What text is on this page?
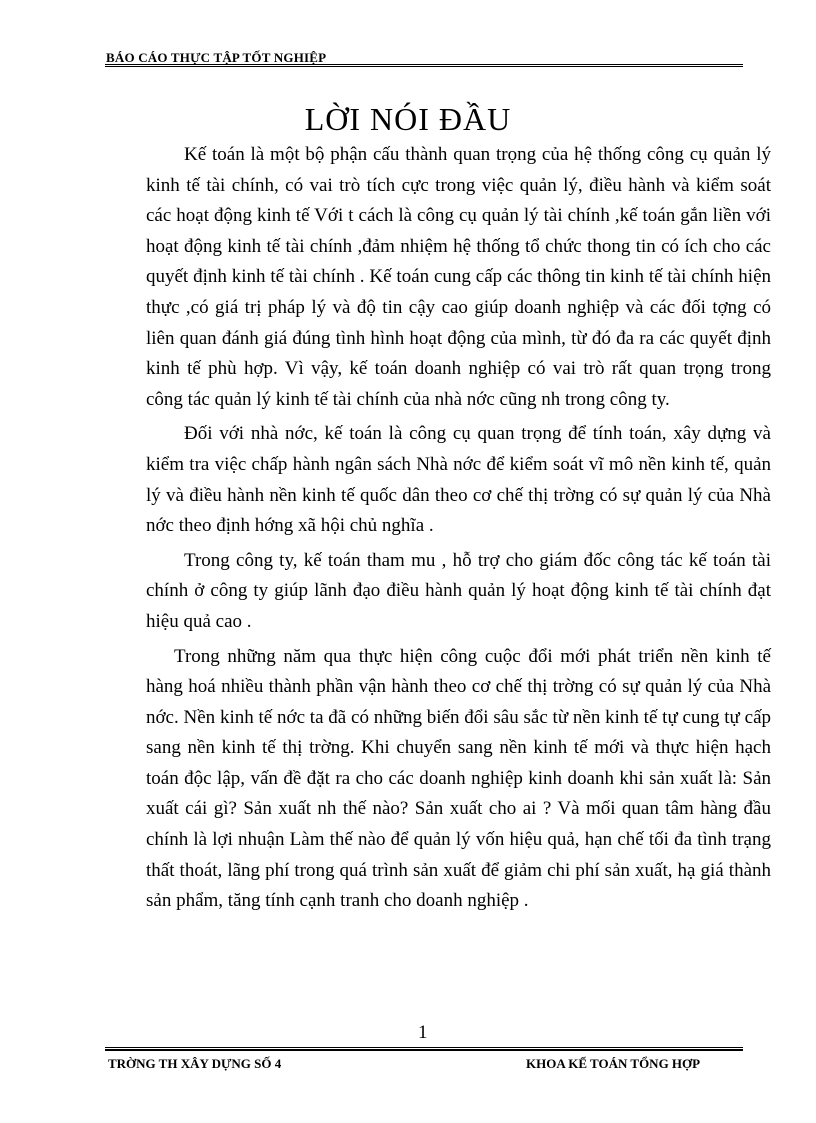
BÁO CÁO THỰC TẬP TỐT NGHIỆP
LỜI NÓI ĐẦU

Kế toán là một bộ phận cấu thành quan trọng của hệ thống công cụ quản lý kinh tế tài chính, có vai trò tích cực trong việc quản lý, điều hành và kiểm soát các hoạt động kinh tế Với t cách là công cụ quản lý tài chính ,kế toán gắn liền với hoạt động kinh tế tài chính ,đảm nhiệm hệ thống tổ chức thong tin có ích cho các quyết định kinh tế tài chính . Kế toán cung cấp các thông tin kinh tế tài chính hiện thực ,có giá trị pháp lý và độ tin cậy cao giúp doanh nghiệp và các đối tợng có liên quan đánh giá đúng tình hình hoạt động của mình, từ đó đa ra các quyết định kinh tế phù hợp. Vì vậy, kế toán doanh nghiệp có vai trò rất quan trọng trong công tác quản lý kinh tế tài chính của nhà nớc cũng nh trong công ty.

Đối với nhà nớc, kế toán là công cụ quan trọng để tính toán, xây dựng và kiểm tra việc chấp hành ngân sách Nhà nớc để kiểm soát vĩ mô nền kinh tế, quản lý và điều hành nền kinh tế quốc dân theo cơ chế thị trờng có sự quản lý của Nhà nớc theo định hớng xã hội chủ nghĩa .

Trong công ty, kế toán tham mu , hỗ trợ cho giám đốc công tác kế toán tài chính ở công ty giúp lãnh đạo điều hành quản lý hoạt động kinh tế tài chính đạt hiệu quả cao .

Trong những năm qua thực hiện công cuộc đổi mới phát triển nền kinh tế hàng hoá nhiều thành phần vận hành theo cơ chế thị trờng có sự quản lý của Nhà nớc. Nền kinh tế nớc ta đã có những biến đổi sâu sắc từ nền kinh tế tự cung tự cấp sang nền kinh tế thị trờng. Khi chuyển sang nền kinh tế mới và thực hiện hạch toán độc lập, vấn đề đặt ra cho các doanh nghiệp kinh doanh khi sản xuất là: Sản xuất cái gì? Sản xuất nh thế nào? Sản xuất cho ai ? Và mối quan tâm hàng đầu chính là lợi nhuận Làm thế nào để quản lý vốn hiệu quả, hạn chế tối đa tình trạng thất thoát, lãng phí trong quá trình sản xuất để giảm chi phí sản xuất, hạ giá thành sản phẩm, tăng tính cạnh tranh cho doanh nghiệp .

1
TRỜNG TH XÂY DỰNG SỐ 4	KHOA KẾ TOÁN TỔNG HỢP
